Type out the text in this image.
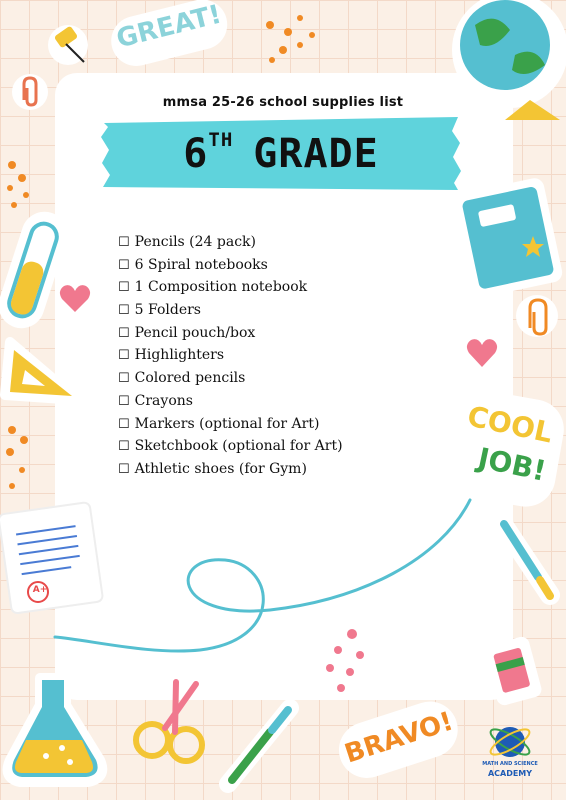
mmsa 25-26 school supplies list
6TH GRADE
☐ Pencils (24 pack)
☐ 6 Spiral notebooks
☐ 1 Composition notebook
☐ 5 Folders
☐ Pencil pouch/box
☐ Highlighters
☐ Colored pencils
☐ Crayons
☐ Markers (optional for Art)
☐ Sketchbook (optional for Art)
☐ Athletic shoes (for Gym)
GREAT!
COOL
JOB!
BRAVO!
A+
MATH AND SCIENCE
ACADEMY
